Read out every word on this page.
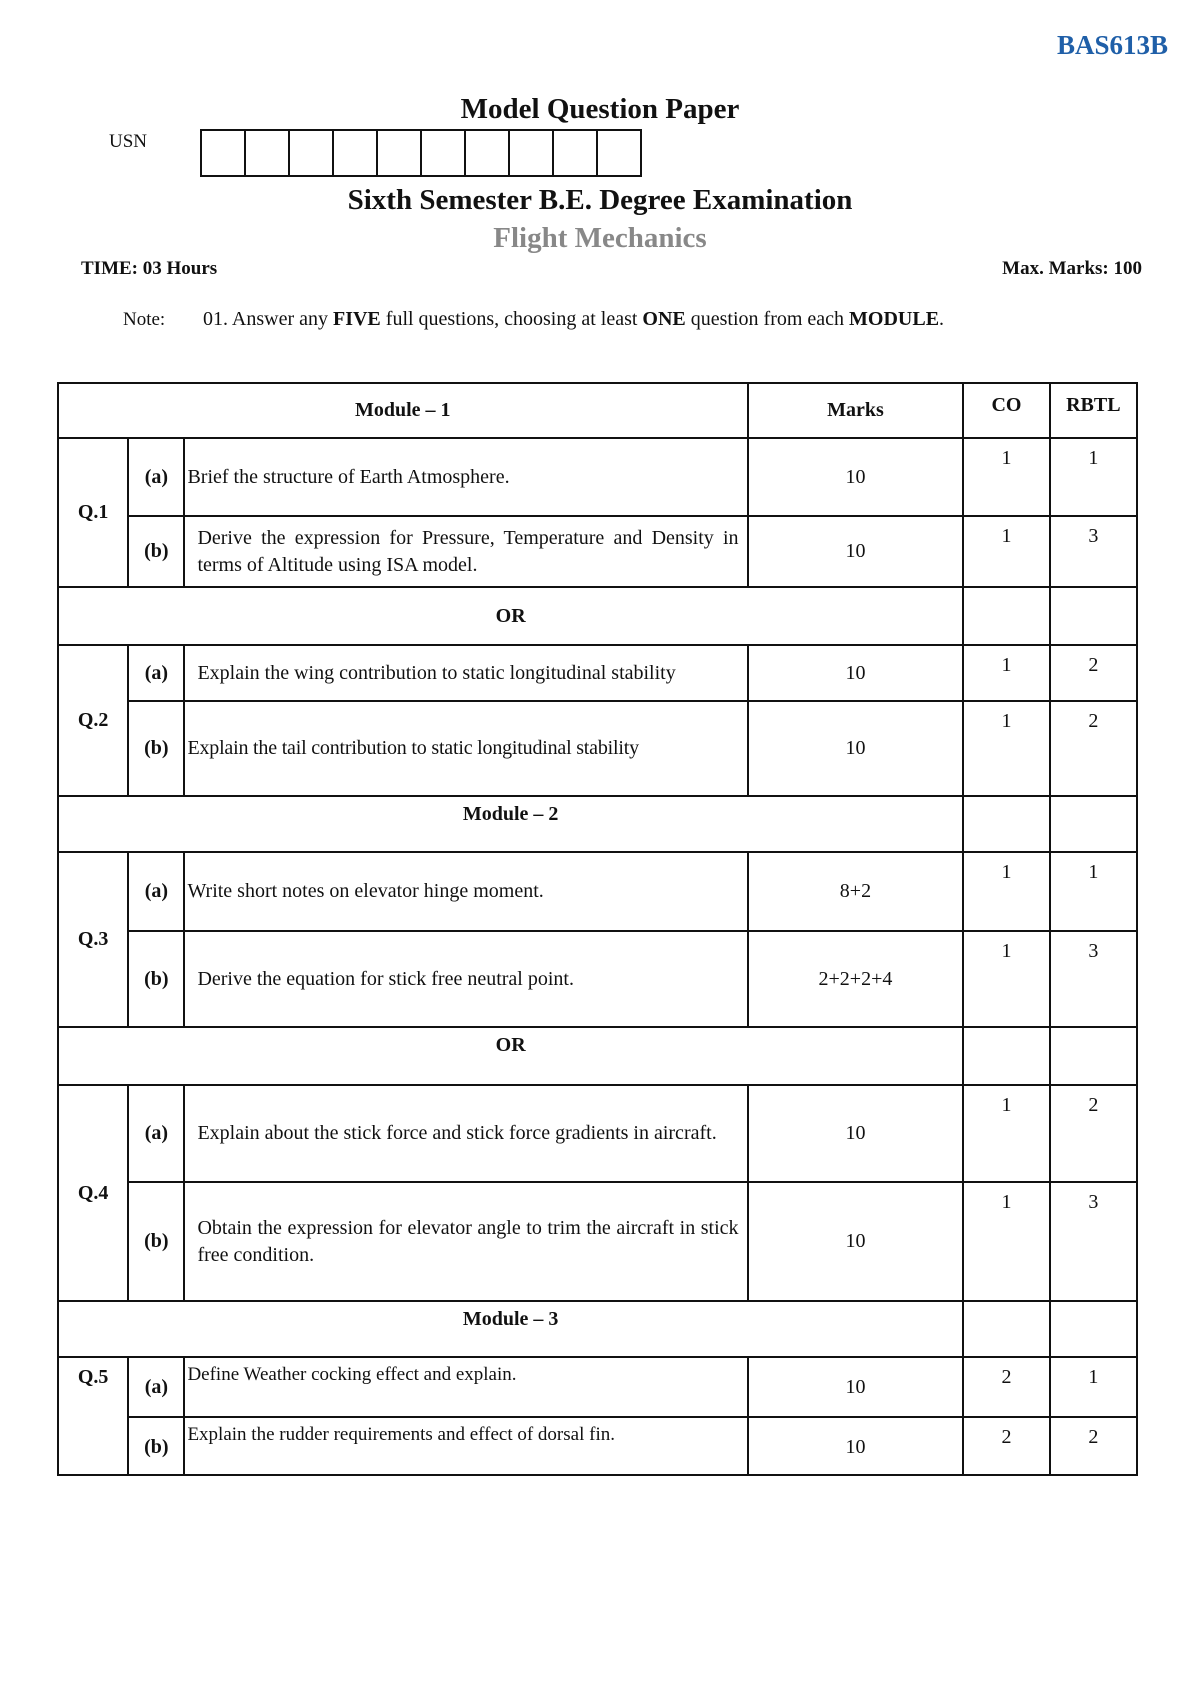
BAS613B
Model Question Paper
USN
Sixth Semester B.E. Degree Examination
Flight Mechanics
TIME: 03 Hours	Max. Marks: 100
Note: 01. Answer any FIVE full questions, choosing at least ONE question from each MODULE.
Module – 1			Marks	CO	RBTL
Q.1	(a)	Brief the structure of Earth Atmosphere.	10	1	1
	(b)	Derive the expression for Pressure, Temperature and Density in terms of Altitude using ISA model.	10	1	3
OR					
Q.2	(a)	Explain the wing contribution to static longitudinal stability	10	1	2
	(b)	Explain the tail contribution to static longitudinal stability	10	1	2
Module – 2					
Q.3	(a)	Write short notes on elevator hinge moment.	8+2	1	1
	(b)	Derive the equation for stick free neutral point.	2+2+2+4	1	3
OR					
Q.4	(a)	Explain about the stick force and stick force gradients in aircraft.	10	1	2
	(b)	Obtain the expression for elevator angle to trim the aircraft in stick free condition.	10	1	3
Module – 3					
Q.5	(a)	Define Weather cocking effect and explain.	10	2	1
	(b)	Explain the rudder requirements and effect of dorsal fin.	10	2	2
